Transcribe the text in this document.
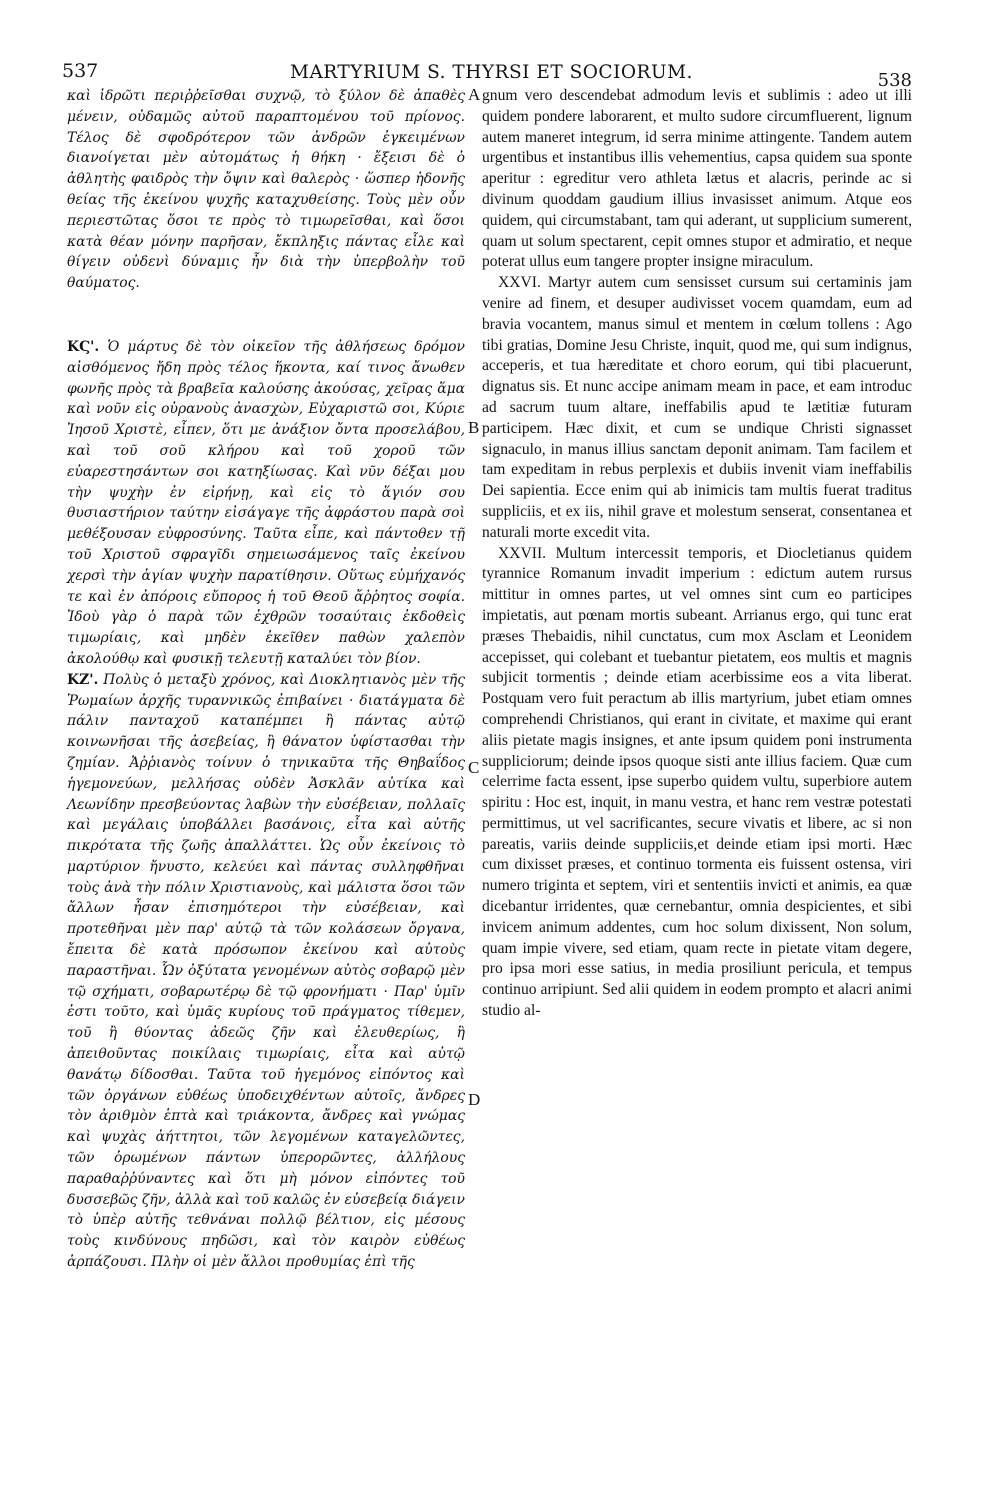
537	MARTYRIUM S. THYRSI ET SOCIORUM.	538

καὶ ἱδρῶτι περιῤῥεῖσθαι συχνῷ, τὸ ξύλον δὲ ἀπαθὲς μένειν, οὐδαμῶς αὐτοῦ παραπτομένου τοῦ πρίονος. Τέλος δὲ σφοδρότερον τῶν ἀνδρῶν ἐγκειμένων διανοίγεται μὲν αὐτομάτως ἡ θήκη · ἔξεισι δὲ ὁ ἀθλητὴς φαιδρὸς τὴν ὄψιν καὶ θαλερὸς · ὥσπερ ἡδονῆς θείας τῆς ἐκείνου ψυχῆς καταχυθείσης. Τοὺς μὲν οὖν περιεστῶτας ὅσοι τε πρὸς τὸ τιμωρεῖσθαι, καὶ ὅσοι κατὰ θέαν μόνην παρῆσαν, ἔκπληξις πάντας εἷλε καὶ θίγειν οὐδενὶ δύναμις ἦν διὰ τὴν ὑπερβολὴν τοῦ θαύματος.

ΚϚ'. Ὁ μάρτυς δὲ τὸν οἰκεῖον τῆς ἀθλήσεως δρόμον αἰσθόμενος ἤδη πρὸς τέλος ἥκοντα, καί τινος ἄνωθεν φωνῆς πρὸς τὰ βραβεῖα καλούσης ἀκούσας, χεῖρας ἅμα καὶ νοῦν εἰς οὐρανοὺς ἀνασχὼν, Εὐχαριστῶ σοι, Κύριε Ἰησοῦ Χριστὲ, εἶπεν, ὅτι με ἀνάξιον ὄντα προσελάβου, καὶ τοῦ σοῦ κλήρου καὶ τοῦ χοροῦ τῶν εὐαρεστησάντων σοι κατηξίωσας. Καὶ νῦν δέξαι μου τὴν ψυχὴν ἐν εἰρήνῃ, καὶ εἰς τὸ ἅγιόν σου θυσιαστήριον ταύτην εἰσάγαγε τῆς ἀφράστου παρὰ σοὶ μεθέξουσαν εὐφροσύνης. Ταῦτα εἶπε, καὶ πάντοθεν τῇ τοῦ Χριστοῦ σφραγῖδι σημειωσάμενος ταῖς ἐκείνου χερσὶ τὴν ἁγίαν ψυχὴν παρατίθησιν. Οὕτως εὐμήχανός τε καὶ ἐν ἀπόροις εὔπορος ἡ τοῦ Θεοῦ ἄῤῥητος σοφία. Ἰδοὺ γὰρ ὁ παρὰ τῶν ἐχθρῶν τοσαύταις ἐκδοθεὶς τιμωρίαις, καὶ μηδὲν ἐκεῖθεν παθὼν χαλεπὸν ἀκολούθῳ καὶ φυσικῇ τελευτῇ καταλύει τὸν βίον.

ΚΖ'. Πολὺς ὁ μεταξὺ χρόνος, καὶ Διοκλητιανὸς μὲν τῆς Ῥωμαίων ἀρχῆς τυραννικῶς ἐπιβαίνει · διατάγματα δὲ πάλιν πανταχοῦ καταπέμπει ἢ πάντας αὐτῷ κοινωνῆσαι τῆς ἀσεβείας, ἢ θάνατον ὑφίστασθαι τὴν ζημίαν. Ἀῤῥιανὸς τοίνυν ὁ τηνικαῦτα τῆς Θηβαΐδος ἡγεμονεύων, μελλήσας οὐδὲν Ἀσκλᾶν αὐτίκα καὶ Λεωνίδην πρεσβεύοντας λαβὼν τὴν εὐσέβειαν, πολλαῖς καὶ μεγάλαις ὑποβάλλει βασάνοις, εἶτα καὶ αὐτῆς πικρότατα τῆς ζωῆς ἀπαλλάττει. Ὡς οὖν ἐκείνοις τὸ μαρτύριον ἤνυστο, κελεύει καὶ πάντας συλληφθῆναι τοὺς ἀνὰ τὴν πόλιν Χριστιανοὺς, καὶ μάλιστα ὅσοι τῶν ἄλλων ἦσαν ἐπισημότεροι τὴν εὐσέβειαν, καὶ προτεθῆναι μὲν παρ' αὐτῷ τὰ τῶν κολάσεων ὄργανα, ἔπειτα δὲ κατὰ πρόσωπον ἐκείνου καὶ αὐτοὺς παραστῆναι. Ὧν ὀξύτατα γενομένων αὐτὸς σοβαρῷ μὲν τῷ σχήματι, σοβαρωτέρῳ δὲ τῷ φρονήματι · Παρ' ὑμῖν ἐστι τοῦτο, καὶ ὑμᾶς κυρίους τοῦ πράγματος τίθεμεν, τοῦ ἢ θύοντας ἀδεῶς ζῆν καὶ ἐλευθερίως, ἢ ἀπειθοῦντας ποικίλαις τιμωρίαις, εἶτα καὶ αὐτῷ θανάτῳ δίδοσθαι. Ταῦτα τοῦ ἡγεμόνος εἰπόντος καὶ τῶν ὀργάνων εὐθέως ὑποδειχθέντων αὐτοῖς, ἄνδρες τὸν ἀριθμὸν ἑπτὰ καὶ τριάκοντα, ἄνδρες καὶ γνώμας καὶ ψυχὰς ἀήττητοι, τῶν λεγομένων καταγελῶντες, τῶν ὁρωμένων πάντων ὑπερορῶντες, ἀλλήλους παραθαῤῥύναντες καὶ ὅτι μὴ μόνον εἰπόντες τοῦ δυσσεβῶς ζῆν, ἀλλὰ καὶ τοῦ καλῶς ἐν εὐσεβείᾳ διάγειν τὸ ὑπὲρ αὐτῆς τεθνάναι πολλῷ βέλτιον, εἰς μέσους τοὺς κινδύνους πηδῶσι, καὶ τὸν καιρὸν εὐθέως ἁρπάζουσι. Πλὴν οἱ μὲν ἄλλοι προθυμίας ἐπὶ τῆς

gnum vero descendebat admodum levis et sublimis : adeo ut illi quidem pondere laborarent, et multo sudore circumfluerent, lignum autem maneret integrum, id serra minime attingente. Tandem autem urgentibus et instantibus illis vehementius, capsa quidem sua sponte aperitur : egreditur vero athleta lætus et alacris, perinde ac si divinum quoddam gaudium illius invasisset animum. Atque eos quidem, qui circumstabant, tam qui aderant, ut supplicium sumerent, quam ut solum spectarent, cepit omnes stupor et admiratio, et neque poterat ullus eum tangere propter insigne miraculum.

XXVI. Martyr autem cum sensisset cursum sui certaminis jam venire ad finem, et desuper audivisset vocem quamdam, eum ad bravia vocantem, manus simul et mentem in cœlum tollens : Ago tibi gratias, Domine Jesu Christe, inquit, quod me, qui sum indignus, acceperis, et tua hæreditate et choro eorum, qui tibi placuerunt, dignatus sis. Et nunc accipe animam meam in pace, et eam introduc ad sacrum tuum altare, ineffabilis apud te lætitiæ futuram participem. Hæc dixit, et cum se undique Christi signasset signaculo, in manus illius sanctam deponit animam. Tam facilem et tam expeditam in rebus perplexis et dubiis invenit viam ineffabilis Dei sapientia. Ecce enim qui ab inimicis tam multis fuerat traditus suppliciis, et ex iis, nihil grave et molestum senserat, consentanea et naturali morte excedit vita.

XXVII. Multum intercessit temporis, et Diocletianus quidem tyrannice Romanum invadit imperium : edictum autem rursus mittitur in omnes partes, ut vel omnes sint cum eo participes impietatis, aut pœnam mortis subeant. Arrianus ergo, qui tunc erat præses Thebaidis, nihil cunctatus, cum mox Asclam et Leonidem accepisset, qui colebant et tuebantur pietatem, eos multis et magnis subjicit tormentis ; deinde etiam acerbissime eos a vita liberat. Postquam vero fuit peractum ab illis martyrium, jubet etiam omnes comprehendi Christianos, qui erant in civitate, et maxime qui erant aliis pietate magis insignes, et ante ipsum quidem poni instrumenta suppliciorum; deinde ipsos quoque sisti ante illius faciem. Quæ cum celerrime facta essent, ipse superbo quidem vultu, superbiore autem spiritu : Hoc est, inquit, in manu vestra, et hanc rem vestræ potestati permittimus, ut vel sacrificantes, secure vivatis et libere, ac si non pareatis, variis deinde suppliciis,et deinde etiam ipsi morti. Hæc cum dixisset præses, et continuo tormenta eis fuissent ostensa, viri numero triginta et septem, viri et sententiis invicti et animis, ea quæ dicebantur irridentes, quæ cernebantur, omnia despicientes, et sibi invicem animum addentes, cum hoc solum dixissent, Non solum, quam impie vivere, sed etiam, quam recte in pietate vitam degere, pro ipsa mori esse satius, in media prosiliunt pericula, et tempus continuo arripiunt. Sed alii quidem in eodem prompto et alacri animi studio al-

A
B
C
D
